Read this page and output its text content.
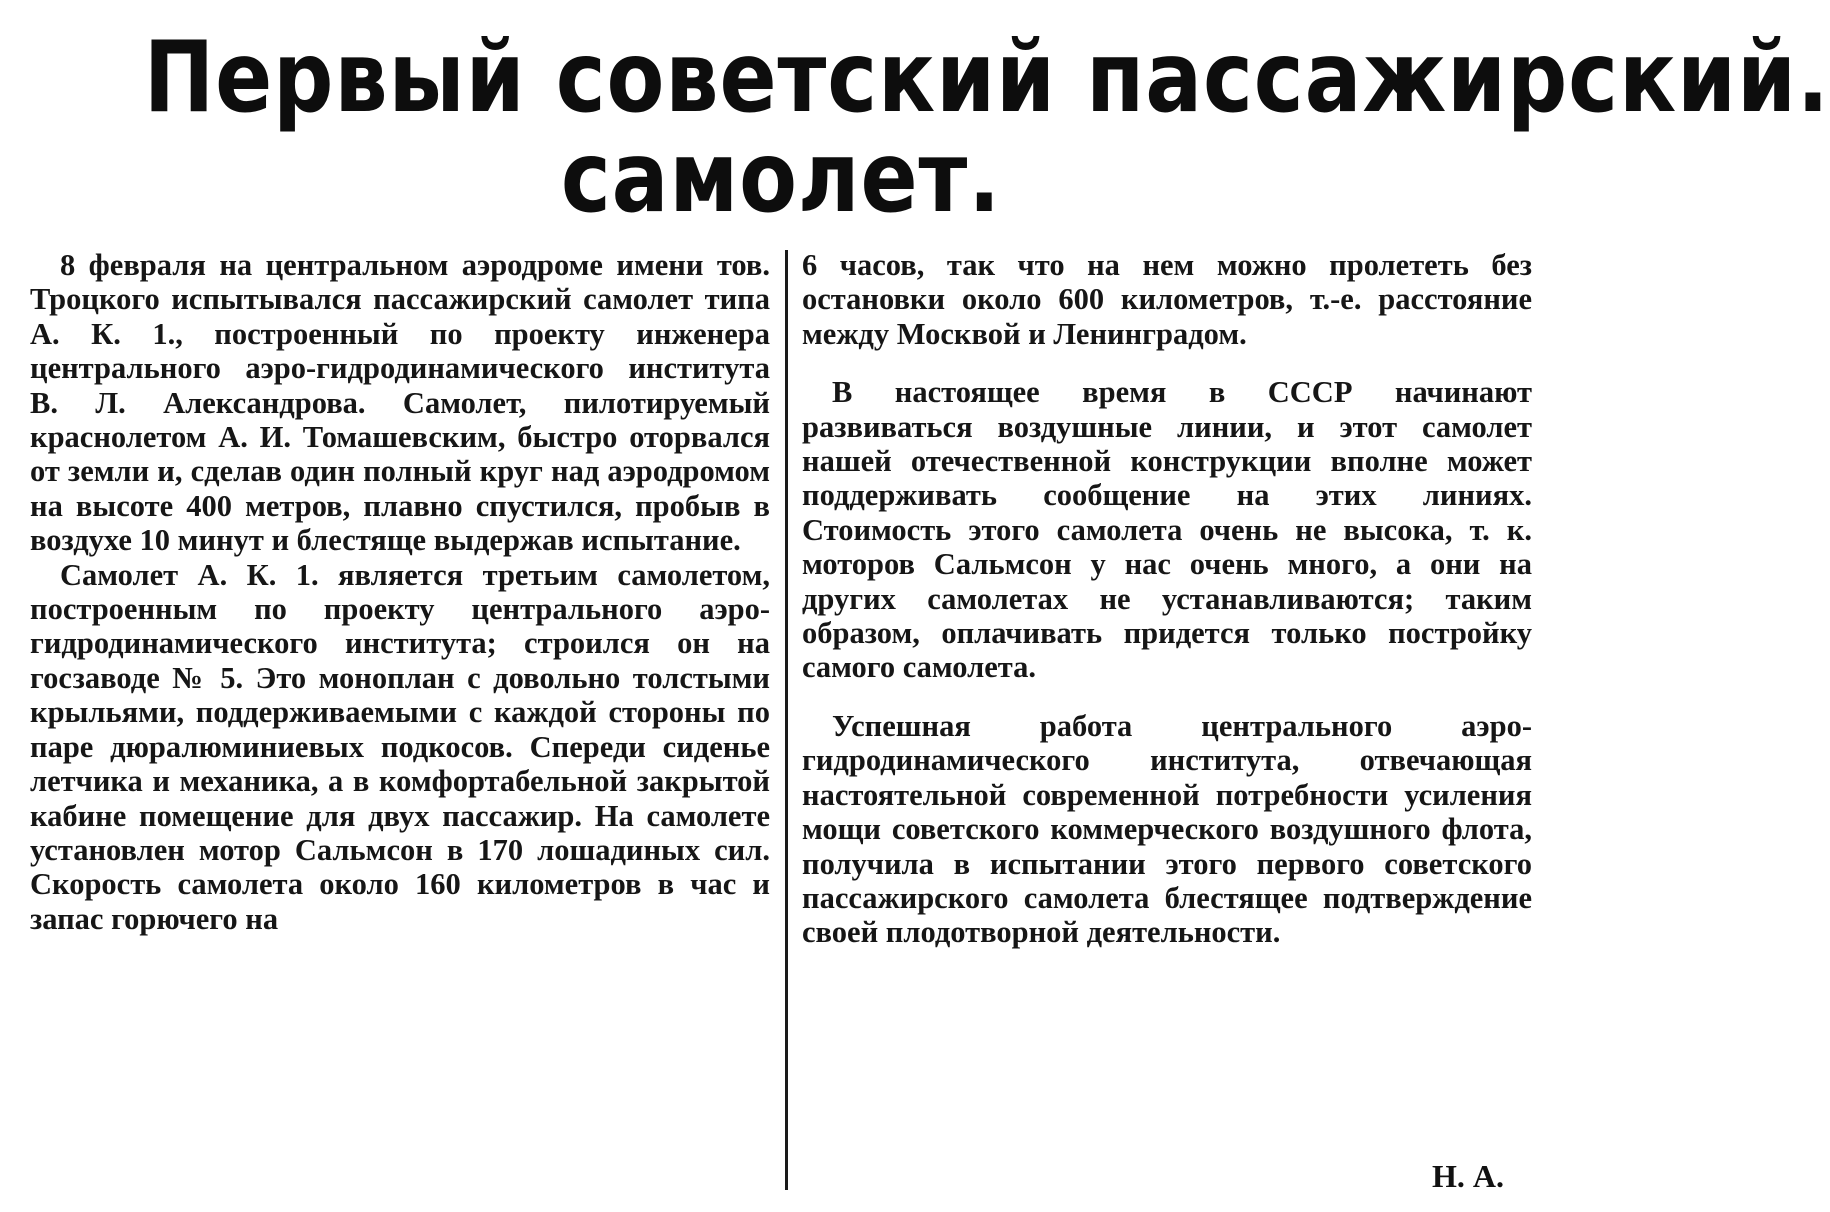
Первый советский пассажирский.
самолет.

8 февраля на центральном аэродроме имени тов. Троцкого испытывался пассажирский самолет типа А. К. 1., построенный по проекту инженера центрального аэро-гидродинамического института В. Л. Александрова. Самолет, пилотируемый краснолетом А. И. Томашевским, быстро оторвался от земли и, сделав один полный круг над аэродромом на высоте 400 метров, плавно спустился, пробыв в воздухе 10 минут и блестяще выдержав испытание.

Самолет А. К. 1. является третьим самолетом, построенным по проекту центрального аэро-гидродинамического института; строился он на госзаводе № 5. Это моноплан с довольно толстыми крыльями, поддерживаемыми с каждой стороны по паре дюралюминиевых подкосов. Спереди сиденье летчика и механика, а в комфортабельной закрытой кабине помещение для двух пассажир. На самолете установлен мотор Сальмсон в 170 лошадиных сил. Скорость самолета около 160 километров в час и запас горючего на

6 часов, так что на нем можно пролететь без остановки около 600 километров, т.-е. расстояние между Москвой и Ленинградом.

В настоящее время в СССР начинают развиваться воздушные линии, и этот самолет нашей отечественной конструкции вполне может поддерживать сообщение на этих линиях. Стоимость этого самолета очень не высока, т. к. моторов Сальмсон у нас очень много, а они на других самолетах не устанавливаются; таким образом, оплачивать придется только постройку самого самолета.

Успешная работа центрального аэро-гидродинамического института, отвечающая настоятельной современной потребности усиления мощи советского коммерческого воздушного флота, получила в испытании этого первого советского пассажирского самолета блестящее подтверждение своей плодотворной деятельности.

Н. А.
